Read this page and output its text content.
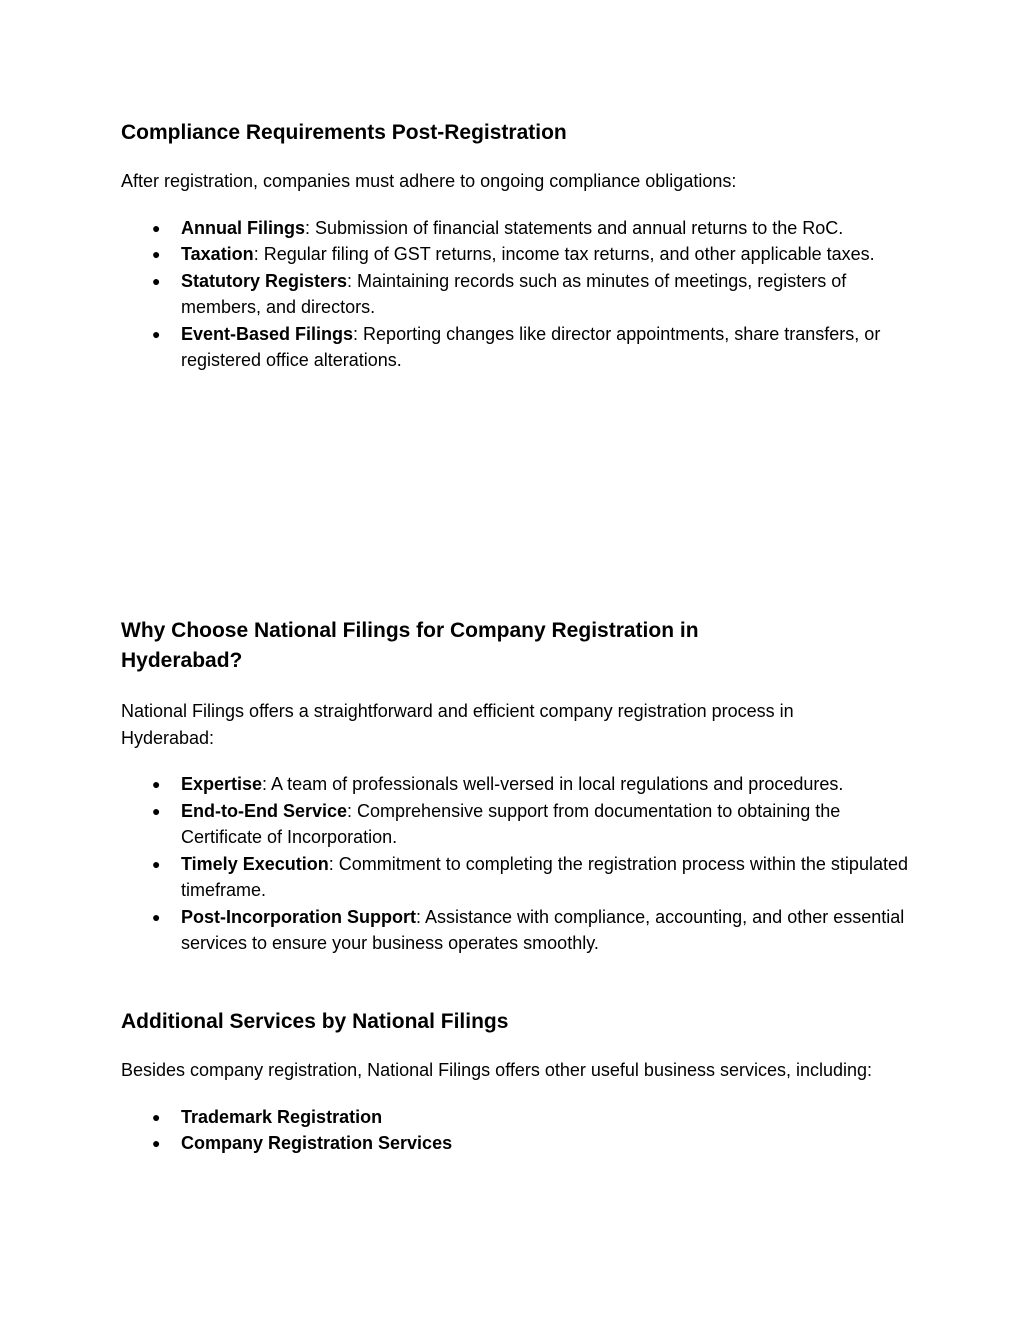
Compliance Requirements Post-Registration

After registration, companies must adhere to ongoing compliance obligations:

● Annual Filings: Submission of financial statements and annual returns to the RoC.
● Taxation: Regular filing of GST returns, income tax returns, and other applicable taxes.
● Statutory Registers: Maintaining records such as minutes of meetings, registers of members, and directors.
● Event-Based Filings: Reporting changes like director appointments, share transfers, or registered office alterations.
Why Choose National Filings for Company Registration in Hyderabad?

National Filings offers a straightforward and efficient company registration process in Hyderabad:

● Expertise: A team of professionals well-versed in local regulations and procedures.
● End-to-End Service: Comprehensive support from documentation to obtaining the Certificate of Incorporation.
● Timely Execution: Commitment to completing the registration process within the stipulated timeframe.
● Post-Incorporation Support: Assistance with compliance, accounting, and other essential services to ensure your business operates smoothly.
Additional Services by National Filings

Besides company registration, National Filings offers other useful business services, including:

● Trademark Registration
● Company Registration Services
